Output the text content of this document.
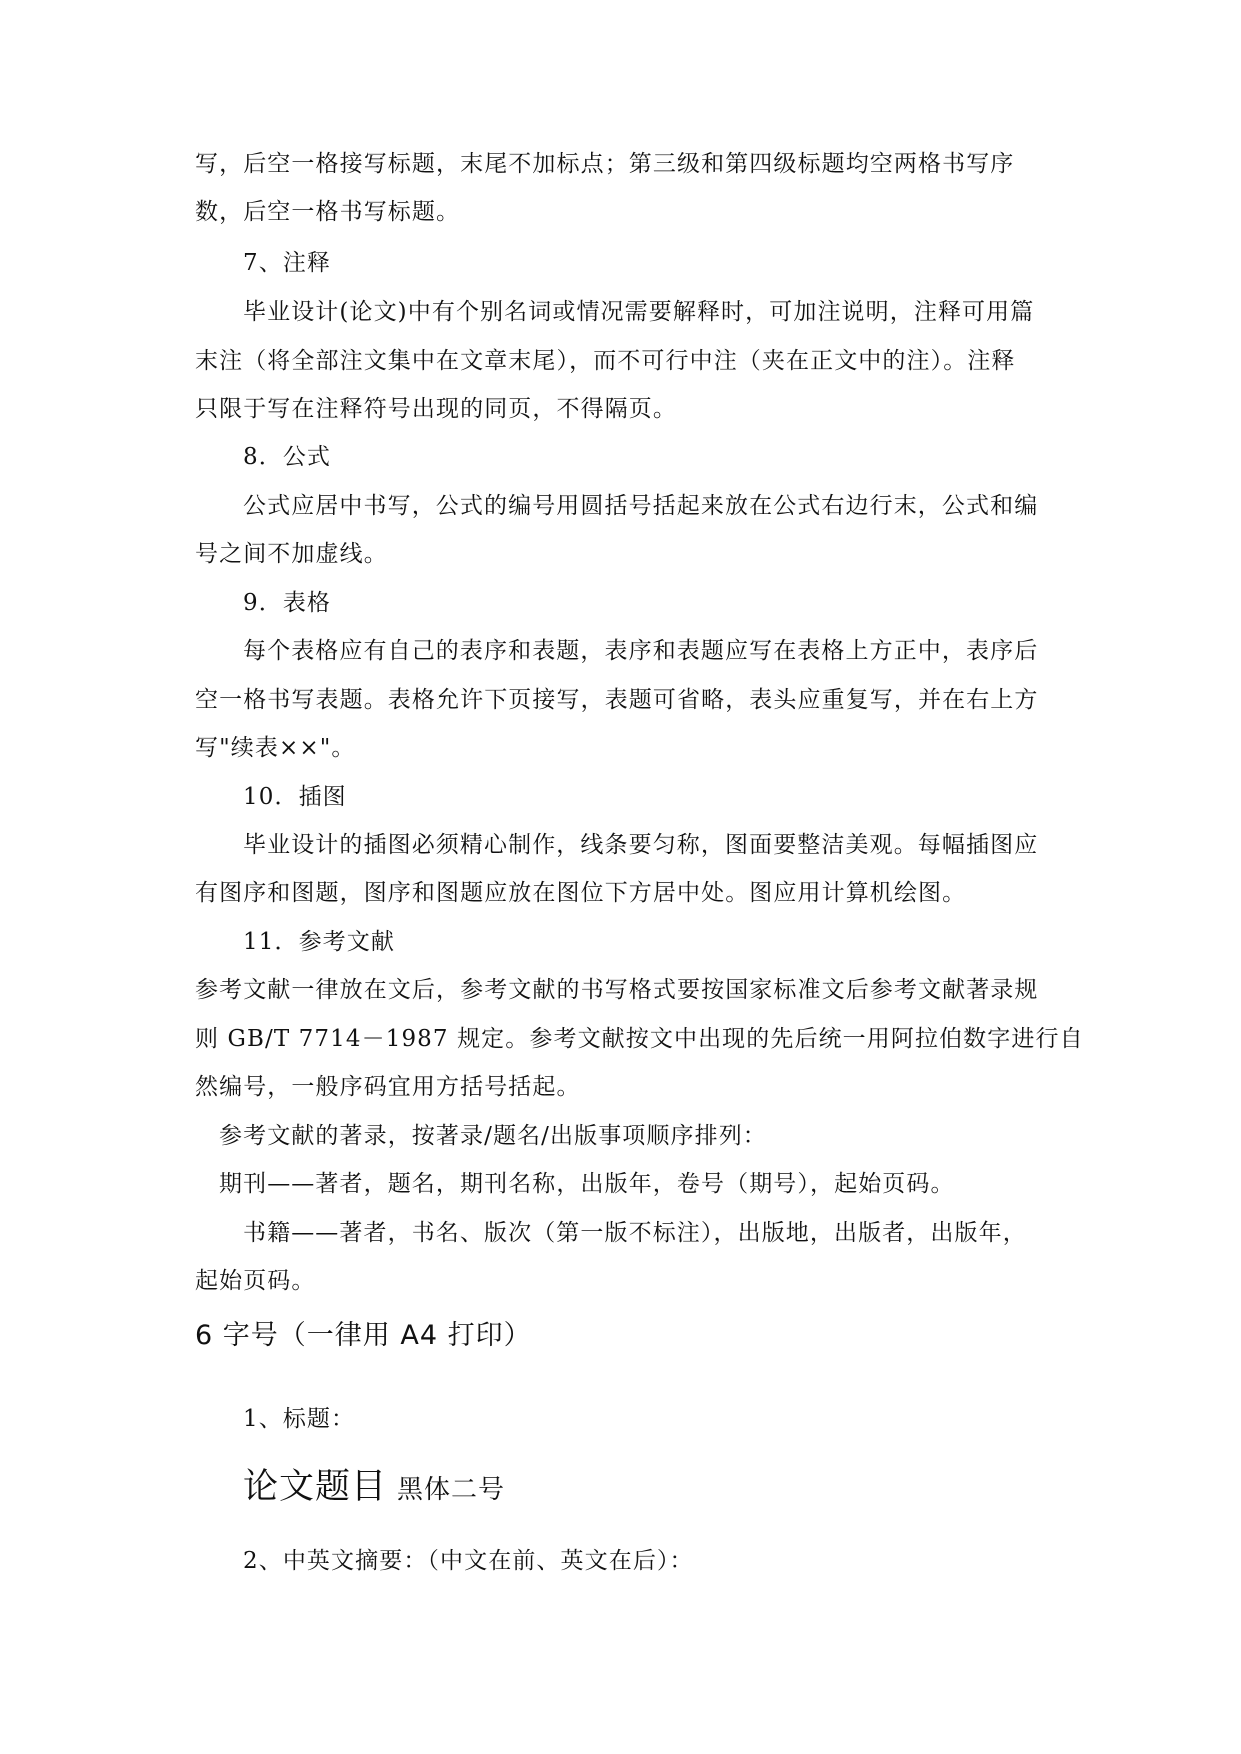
写，后空一格接写标题，末尾不加标点；第三级和第四级标题均空两格书写序
数，后空一格书写标题。
7、注释
毕业设计(论文)中有个别名词或情况需要解释时，可加注说明，注释可用篇
末注（将全部注文集中在文章末尾），而不可行中注（夹在正文中的注）。注释
只限于写在注释符号出现的同页，不得隔页。
8．公式
公式应居中书写，公式的编号用圆括号括起来放在公式右边行末，公式和编
号之间不加虚线。
9．表格
每个表格应有自己的表序和表题，表序和表题应写在表格上方正中，表序后
空一格书写表题。表格允许下页接写，表题可省略，表头应重复写，并在右上方
写"续表××"。
10．插图
毕业设计的插图必须精心制作，线条要匀称，图面要整洁美观。每幅插图应
有图序和图题，图序和图题应放在图位下方居中处。图应用计算机绘图。
11．参考文献
参考文献一律放在文后，参考文献的书写格式要按国家标准文后参考文献著录规
则 GB/T 7714－1987 规定。参考文献按文中出现的先后统一用阿拉伯数字进行自
然编号，一般序码宜用方括号括起。
参考文献的著录，按著录/题名/出版事项顺序排列：
期刊——著者，题名，期刊名称，出版年，卷号（期号），起始页码。
书籍——著者，书名、版次（第一版不标注），出版地，出版者，出版年，
起始页码。
6 字号（一律用 A4 打印）
1、标题：
论文题目 黑体二号
2、中英文摘要：（中文在前、英文在后）：
